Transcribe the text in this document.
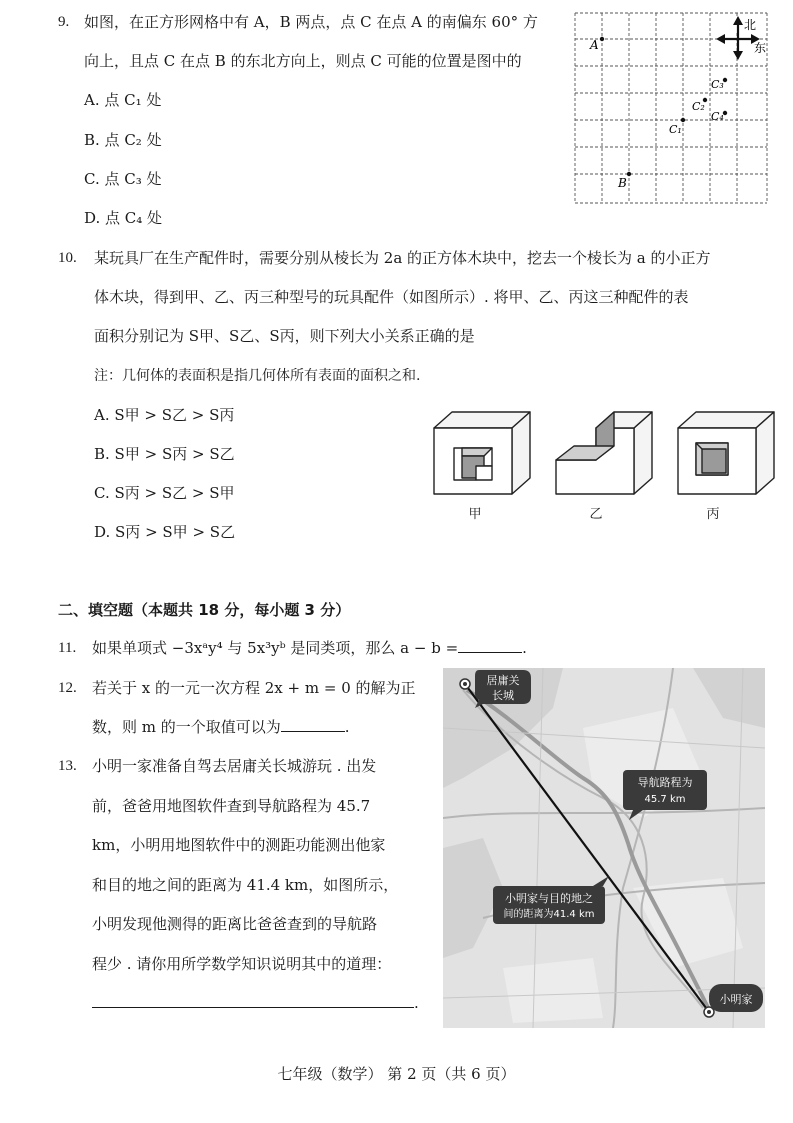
9. 如图，在正方形网格中有 A，B 两点，点 C 在点 A 的南偏东 60° 方
向上，且点 C 在点 B 的东北方向上，则点 C 可能的位置是图中的
A. 点 C₁ 处
B. 点 C₂ 处
C. 点 C₃ 处
D. 点 C₄ 处
A
B
C₁
C₂
C₃
C₄
北
东
10. 某玩具厂在生产配件时，需要分别从棱长为 2a 的正方体木块中，挖去一个棱长为 a 的小正方
体木块，得到甲、乙、丙三种型号的玩具配件（如图所示）. 将甲、乙、丙这三种配件的表
面积分别记为 S甲、S乙、S丙，则下列大小关系正确的是
注：几何体的表面积是指几何体所有表面的面积之和.
A. S甲 > S乙 > S丙
B. S甲 > S丙 > S乙
C. S丙 > S乙 > S甲
D. S丙 > S甲 > S乙
甲	乙	丙
二、填空题（本题共 18 分，每小题 3 分）
11. 如果单项式 −3xᵃy⁴ 与 5x³yᵇ 是同类项，那么 a − b =	.
12. 若关于 x 的一元一次方程 2x + m = 0 的解为正
数，则 m 的一个取值可以为	.
13. 小明一家准备自驾去居庸关长城游玩 . 出发
前，爸爸用地图软件查到导航路程为 45.7
km，小明用地图软件中的测距功能测出他家
和目的地之间的距离为 41.4 km，如图所示，
小明发现他测得的距离比爸爸查到的导航路
程少 . 请你用所学数学知识说明其中的道理：
.
居庸关
长城
导航路程为
45.7 km
小明家与目的地之
间的距离为41.4 km
小明家
七年级（数学） 第 2 页（共 6 页）
